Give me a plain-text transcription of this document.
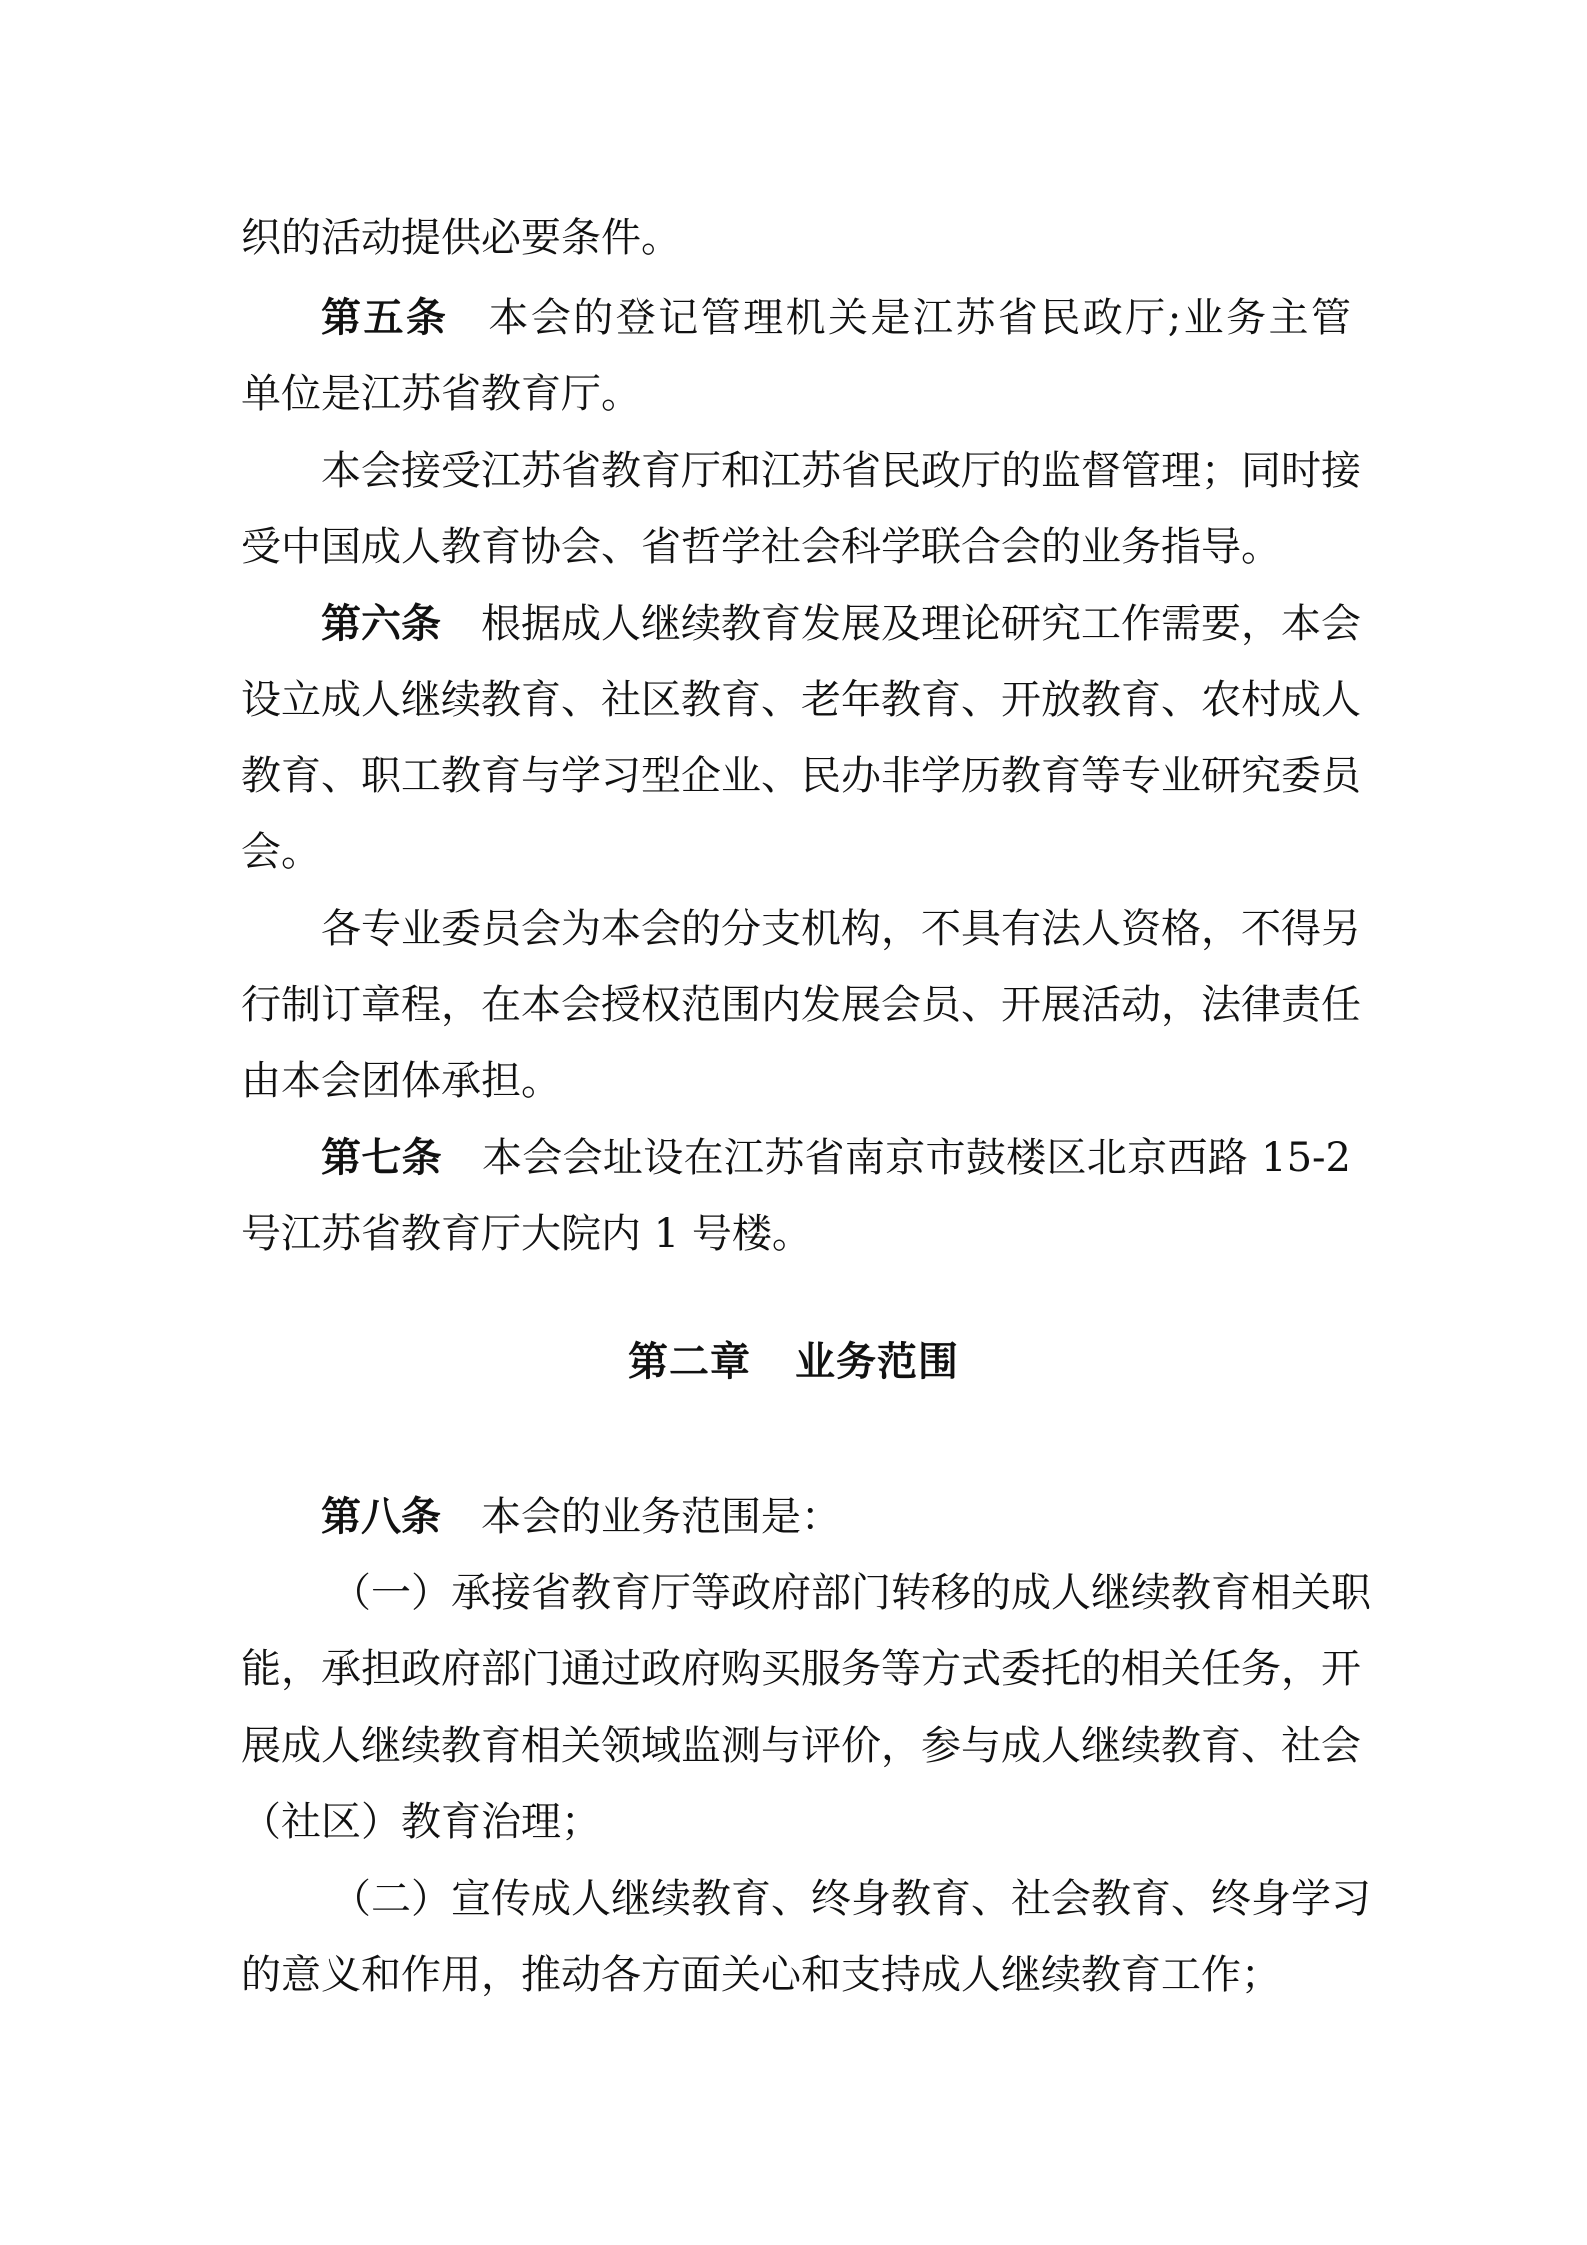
织的活动提供必要条件。
第五条 本会的登记管理机关是江苏省民政厅;业务主管
单位是江苏省教育厅。
本会接受江苏省教育厅和江苏省民政厅的监督管理；同时接
受中国成人教育协会、省哲学社会科学联合会的业务指导。
第六条 根据成人继续教育发展及理论研究工作需要，本会
设立成人继续教育、社区教育、老年教育、开放教育、农村成人
教育、职工教育与学习型企业、民办非学历教育等专业研究委员
会。
各专业委员会为本会的分支机构，不具有法人资格，不得另
行制订章程，在本会授权范围内发展会员、开展活动，法律责任
由本会团体承担。
第七条 本会会址设在江苏省南京市鼓楼区北京西路 15-2
号江苏省教育厅大院内 1 号楼。
第二章 业务范围
第八条 本会的业务范围是：
（一）承接省教育厅等政府部门转移的成人继续教育相关职
能，承担政府部门通过政府购买服务等方式委托的相关任务，开
展成人继续教育相关领域监测与评价，参与成人继续教育、社会
（社区）教育治理；
（二）宣传成人继续教育、终身教育、社会教育、终身学习
的意义和作用，推动各方面关心和支持成人继续教育工作；
